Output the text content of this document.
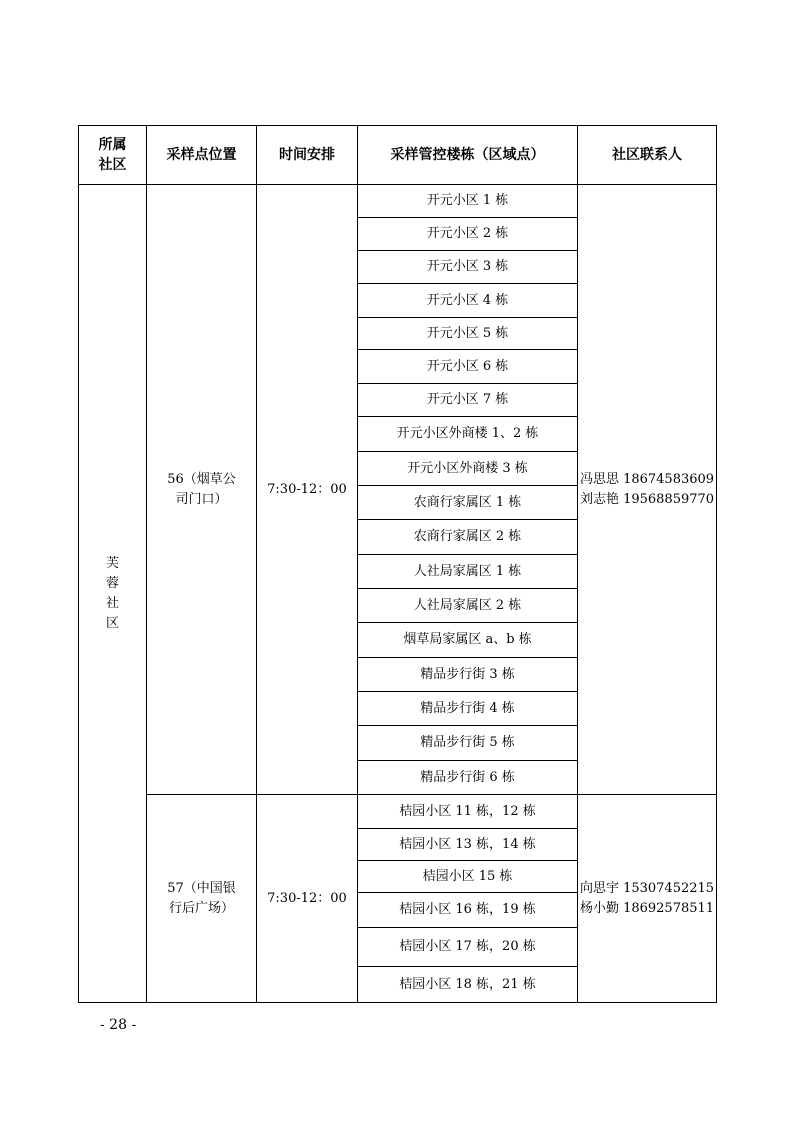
所属社区	采样点位置	时间安排	采样管控楼栋（区域点）	社区联系人

芙蓉社区	56（烟草公司门口）	7:30-12：00	开元小区 1 栋	冯思思 18674583609
刘志艳 19568859770

			开元小区 2 栋	
			开元小区 3 栋	
			开元小区 4 栋	
			开元小区 5 栋	
			开元小区 6 栋	
			开元小区 7 栋	
			开元小区外商楼 1、2 栋	
			开元小区外商楼 3 栋	
			农商行家属区 1 栋	
			农商行家属区 2 栋	
			人社局家属区 1 栋	
			人社局家属区 2 栋	
			烟草局家属区 a、b 栋	
			精品步行街 3 栋	
			精品步行街 4 栋	
			精品步行街 5 栋	
			精品步行街 6 栋	
	57（中国银行后广场）	7:30-12：00	桔园小区 11 栋，12 栋	向思宇 15307452215
杨小勤 18692578511

			桔园小区 13 栋，14 栋	
			桔园小区 15 栋	
			桔园小区 16 栋，19 栋	
			桔园小区 17 栋，20 栋	
			桔园小区 18 栋，21 栋	
- 28 -
